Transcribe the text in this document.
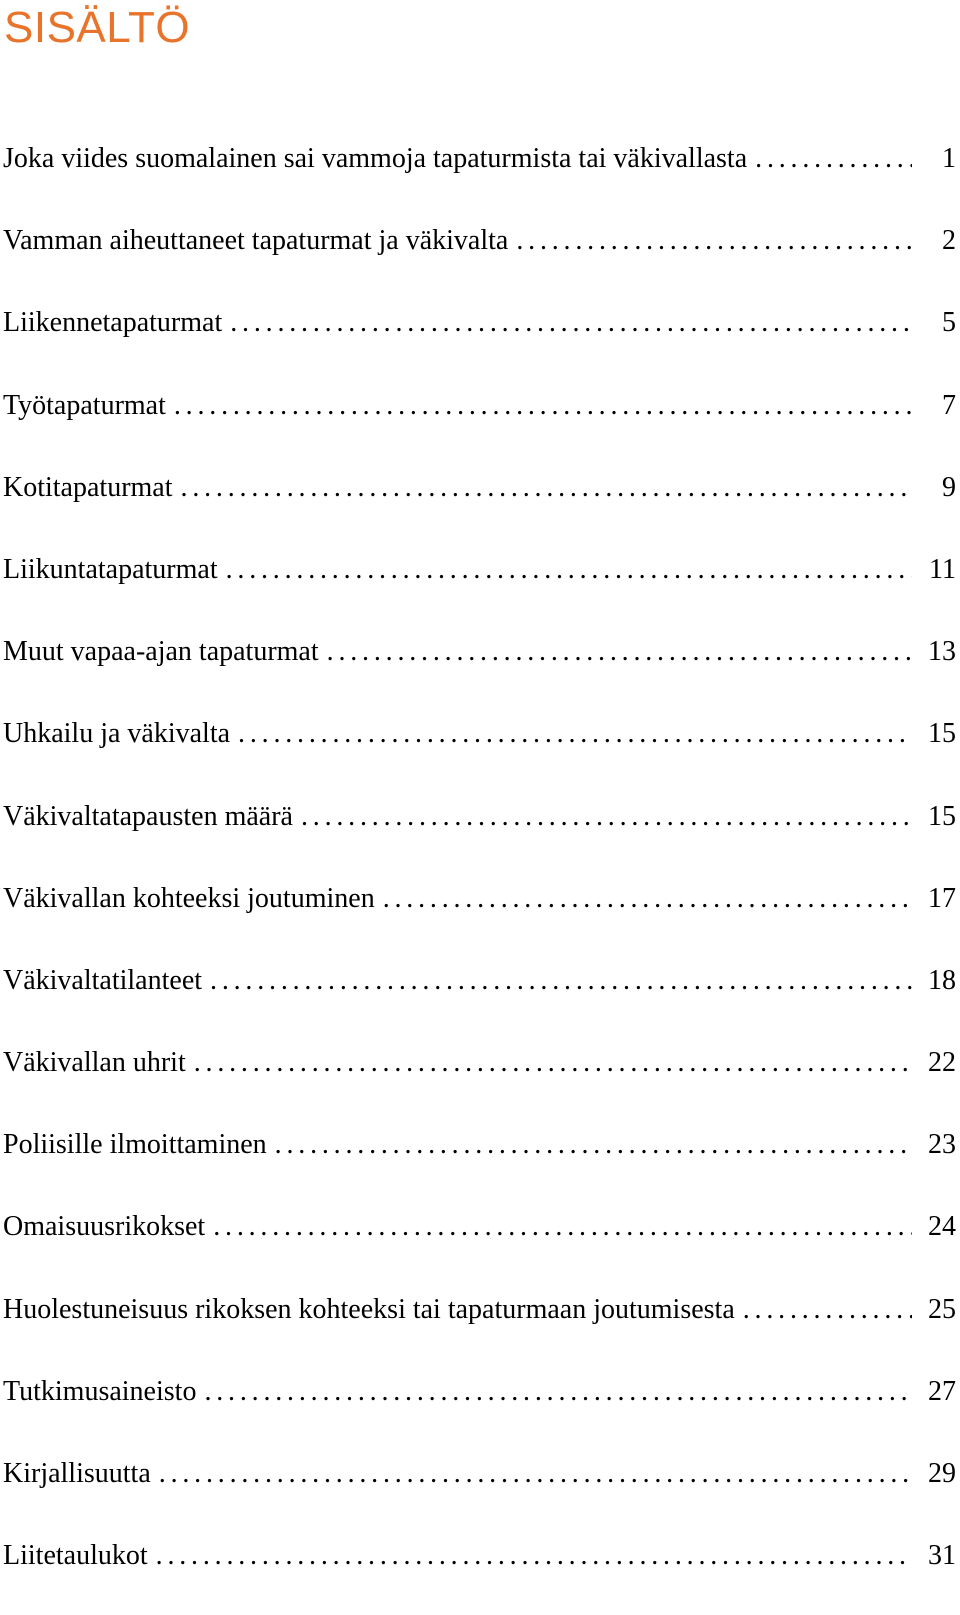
SISÄLTÖ
Joka viides suomalainen sai vammoja tapaturmista tai väkivallasta . . .	1
Vamman aiheuttaneet tapaturmat ja väkivalta . . .	2
Liikennetapaturmat . . .	5
Työtapaturmat . . .	7
Kotitapaturmat . . .	9
Liikuntatapaturmat . . .	11
Muut vapaa-ajan tapaturmat . . .	13
Uhkailu ja väkivalta . . .	15
Väkivaltatapausten määrä . . .	15
Väkivallan kohteeksi joutuminen . . .	17
Väkivaltatilanteet . . .	18
Väkivallan uhrit . . .	22
Poliisille ilmoittaminen . . .	23
Omaisuusrikokset . . .	24
Huolestuneisuus rikoksen kohteeksi tai tapaturmaan joutumisesta . . .	25
Tutkimusaineisto . . .	27
Kirjallisuutta . . .	29
Liitetaulukot . . .	31
